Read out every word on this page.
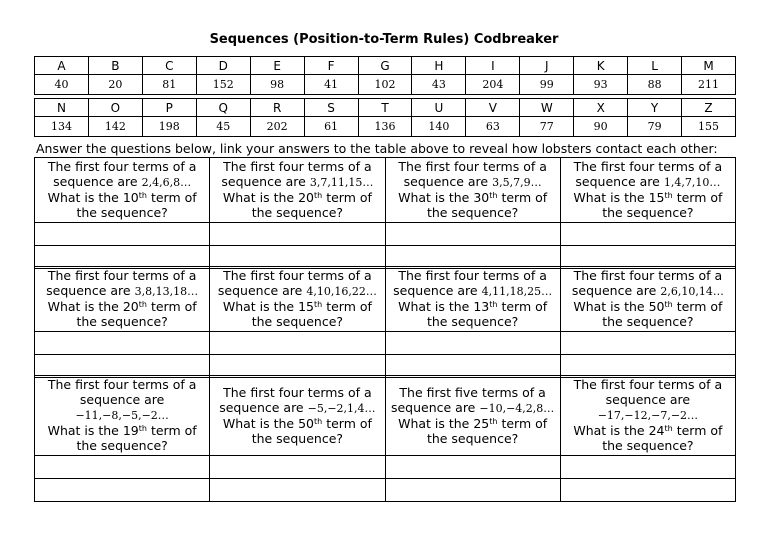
Sequences (Position-to-Term Rules) Codbreaker
A	B	C	D	E	F	G	H	I	J	K	L	M
40	20	81	152	98	41	102	43	204	99	93	88	211
N	O	P	Q	R	S	T	U	V	W	X	Y	Z
134	142	198	45	202	61	136	140	63	77	90	79	155
Answer the questions below, link your answers to the table above to reveal how lobsters contact each other:
The first four terms of a sequence are 2,4,6,8…
What is the 10th term of the sequence?	The first four terms of a sequence are 3,7,11,15…
What is the 20th term of the sequence?	The first four terms of a sequence are 3,5,7,9…
What is the 30th term of the sequence?	The first four terms of a sequence are 1,4,7,10…
What is the 15th term of the sequence?

The first four terms of a sequence are 3,8,13,18…
What is the 20th term of the sequence?	The first four terms of a sequence are 4,10,16,22…
What is the 15th term of the sequence?	The first four terms of a sequence are 4,11,18,25…
What is the 13th term of the sequence?	The first four terms of a sequence are 2,6,10,14…
What is the 50th term of the sequence?

The first four terms of a sequence are −11,−8,−5,−2…
What is the 19th term of the sequence?	The first four terms of a sequence are −5,−2,1,4…
What is the 50th term of the sequence?	The first five terms of a sequence are −10,−4,2,8…
What is the 25th term of the sequence?	The first four terms of a sequence are −17,−12,−7,−2…
What is the 24th term of the sequence?
